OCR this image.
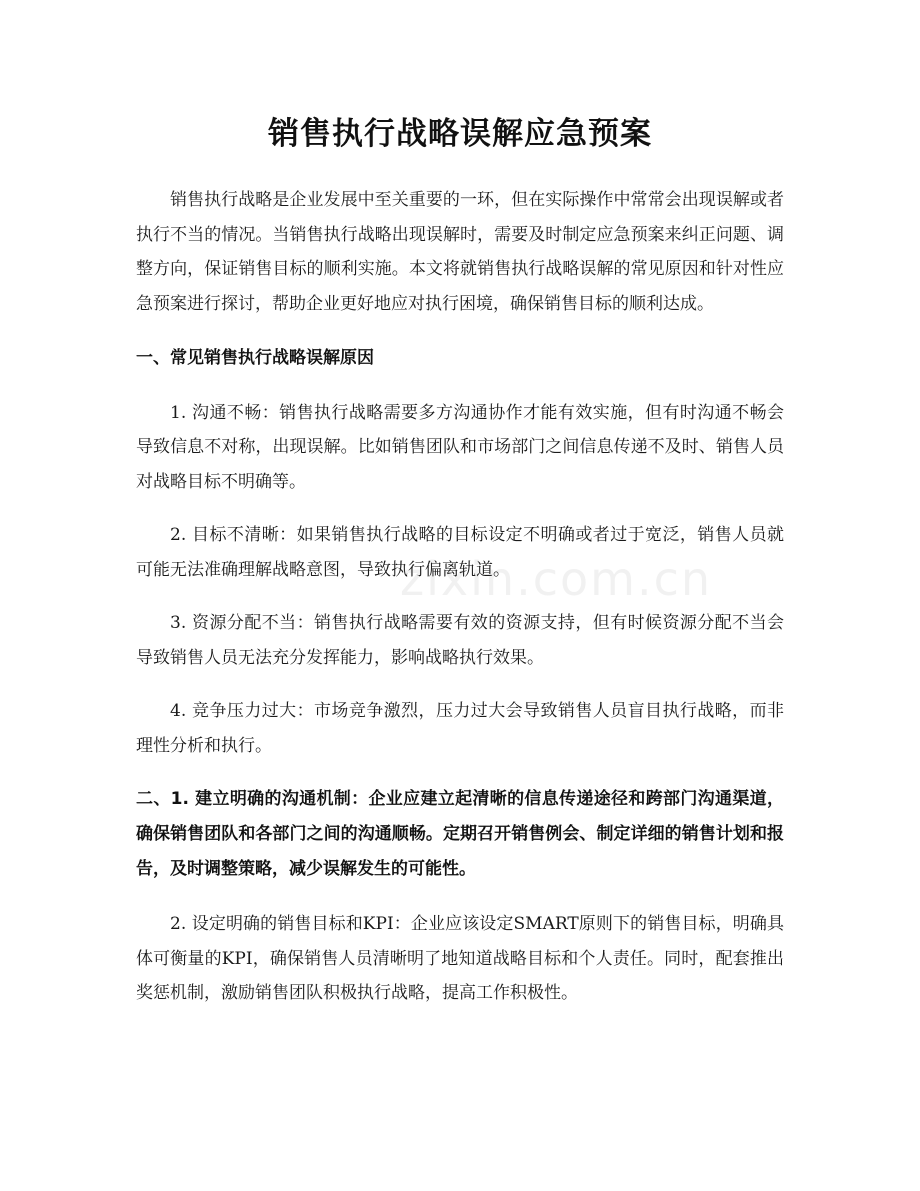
销售执行战略误解应急预案

销售执行战略是企业发展中至关重要的一环，但在实际操作中常常会出现误解或者执行不当的情况。当销售执行战略出现误解时，需要及时制定应急预案来纠正问题、调整方向，保证销售目标的顺利实施。本文将就销售执行战略误解的常见原因和针对性应急预案进行探讨，帮助企业更好地应对执行困境，确保销售目标的顺利达成。

一、常见销售执行战略误解原因

1. 沟通不畅：销售执行战略需要多方沟通协作才能有效实施，但有时沟通不畅会导致信息不对称，出现误解。比如销售团队和市场部门之间信息传递不及时、销售人员对战略目标不明确等。

2. 目标不清晰：如果销售执行战略的目标设定不明确或者过于宽泛，销售人员就可能无法准确理解战略意图，导致执行偏离轨道。

3. 资源分配不当：销售执行战略需要有效的资源支持，但有时候资源分配不当会导致销售人员无法充分发挥能力，影响战略执行效果。

4. 竞争压力过大：市场竞争激烈，压力过大会导致销售人员盲目执行战略，而非理性分析和执行。

二、1. 建立明确的沟通机制：企业应建立起清晰的信息传递途径和跨部门沟通渠道，确保销售团队和各部门之间的沟通顺畅。定期召开销售例会、制定详细的销售计划和报告，及时调整策略，减少误解发生的可能性。

2. 设定明确的销售目标和KPI：企业应该设定SMART原则下的销售目标，明确具体可衡量的KPI，确保销售人员清晰明了地知道战略目标和个人责任。同时，配套推出奖惩机制，激励销售团队积极执行战略，提高工作积极性。

zixin.com.cn
